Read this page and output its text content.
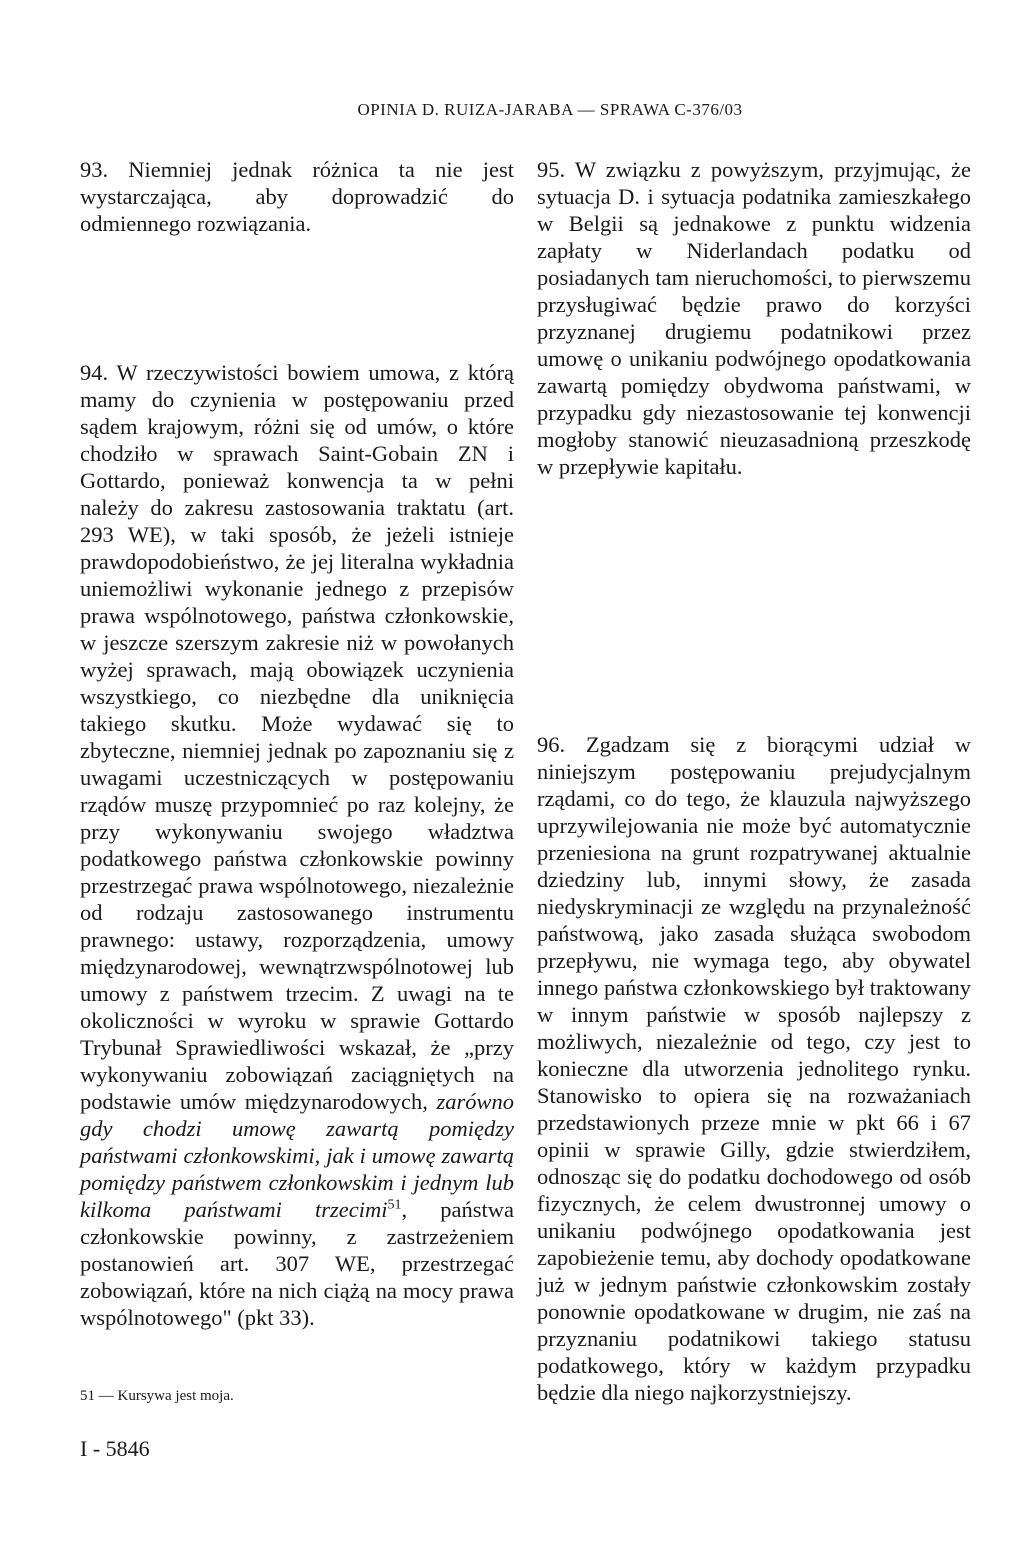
OPINIA D. RUIZA-JARABA — SPRAWA C-376/03

93. Niemniej jednak różnica ta nie jest wystarczająca, aby doprowadzić do odmiennego rozwiązania.

94. W rzeczywistości bowiem umowa, z którą mamy do czynienia w postępowaniu przed sądem krajowym, różni się od umów, o które chodziło w sprawach Saint-Gobain ZN i Gottardo, ponieważ konwencja ta w pełni należy do zakresu zastosowania traktatu (art. 293 WE), w taki sposób, że jeżeli istnieje prawdopodobieństwo, że jej literalna wykładnia uniemożliwi wykonanie jednego z przepisów prawa wspólnotowego, państwa członkowskie, w jeszcze szerszym zakresie niż w powołanych wyżej sprawach, mają obowiązek uczynienia wszystkiego, co niezbędne dla uniknięcia takiego skutku. Może wydawać się to zbyteczne, niemniej jednak po zapoznaniu się z uwagami uczestniczących w postępowaniu rządów muszę przypomnieć po raz kolejny, że przy wykonywaniu swojego władztwa podatkowego państwa członkowskie powinny przestrzegać prawa wspólnotowego, niezależnie od rodzaju zastosowanego instrumentu prawnego: ustawy, rozporządzenia, umowy międzynarodowej, wewnątrzwspólnotowej lub umowy z państwem trzecim. Z uwagi na te okoliczności w wyroku w sprawie Gottardo Trybunał Sprawiedliwości wskazał, że „przy wykonywaniu zobowiązań zaciągniętych na podstawie umów międzynarodowych, zarówno gdy chodzi umowę zawartą pomiędzy państwami członkowskimi, jak i umowę zawartą pomiędzy państwem członkowskim i jednym lub kilkoma państwami trzecimi$^{51}$, państwa członkowskie powinny, z zastrzeżeniem postanowień art. 307 WE, przestrzegać zobowiązań, które na nich ciążą na mocy prawa wspólnotowego" (pkt 33).

95. W związku z powyższym, przyjmując, że sytuacja D. i sytuacja podatnika zamieszkałego w Belgii są jednakowe z punktu widzenia zapłaty w Niderlandach podatku od posiadanych tam nieruchomości, to pierwszemu przysługiwać będzie prawo do korzyści przyznanej drugiemu podatnikowi przez umowę o unikaniu podwójnego opodatkowania zawartą pomiędzy obydwoma państwami, w przypadku gdy niezastosowanie tej konwencji mogłoby stanowić nieuzasadnioną przeszkodę w przepływie kapitału.

96. Zgadzam się z biorącymi udział w niniejszym postępowaniu prejudycjalnym rządami, co do tego, że klauzula najwyższego uprzywilejowania nie może być automatycznie przeniesiona na grunt rozpatrywanej aktualnie dziedziny lub, innymi słowy, że zasada niedyskryminacji ze względu na przynależność państwową, jako zasada służąca swobodom przepływu, nie wymaga tego, aby obywatel innego państwa członkowskiego był traktowany w innym państwie w sposób najlepszy z możliwych, niezależnie od tego, czy jest to konieczne dla utworzenia jednolitego rynku. Stanowisko to opiera się na rozważaniach przedstawionych przeze mnie w pkt 66 i 67 opinii w sprawie Gilly, gdzie stwierdziłem, odnosząc się do podatku dochodowego od osób fizycznych, że celem dwustronnej umowy o unikaniu podwójnego opodatkowania jest zapobieżenie temu, aby dochody opodatkowane już w jednym państwie członkowskim zostały ponownie opodatkowane w drugim, nie zaś na przyznaniu podatnikowi takiego statusu podatkowego, który w każdym przypadku będzie dla niego najkorzystniejszy.

51 — Kursywa jest moja.
I - 5846
